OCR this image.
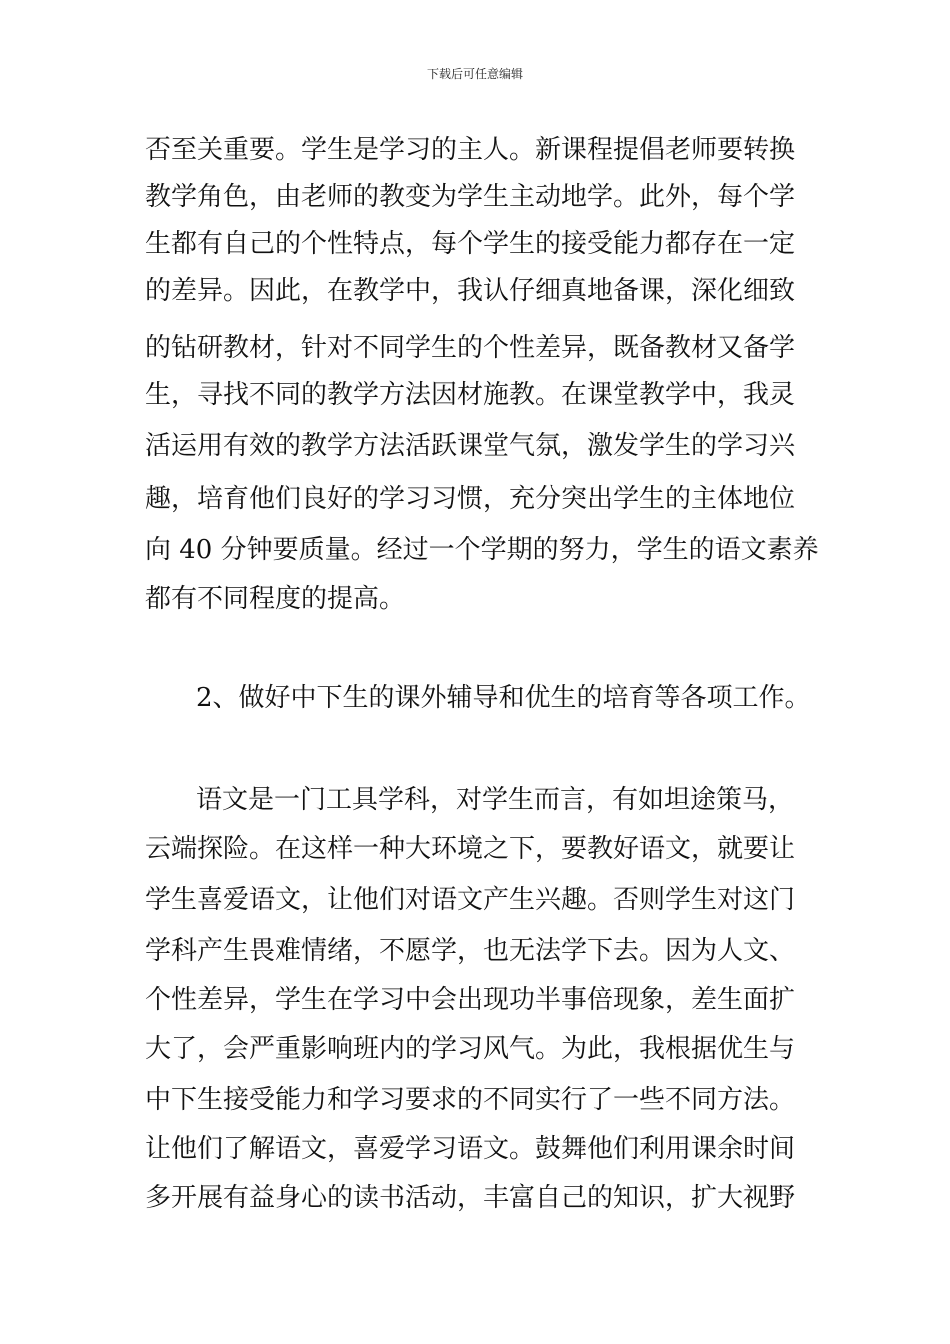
下载后可任意编辑
否至关重要。学生是学习的主人。新课程提倡老师要转换
教学角色，由老师的教变为学生主动地学。此外，每个学
生都有自己的个性特点，每个学生的接受能力都存在一定
的差异。因此，在教学中，我认仔细真地备课，深化细致
的钻研教材，针对不同学生的个性差异，既备教材又备学
生，寻找不同的教学方法因材施教。在课堂教学中，我灵
活运用有效的教学方法活跃课堂气氛，激发学生的学习兴
趣，培育他们良好的学习习惯，充分突出学生的主体地位
向 40 分钟要质量。经过一个学期的努力，学生的语文素养
都有不同程度的提高。
2、做好中下生的课外辅导和优生的培育等各项工作。
语文是一门工具学科，对学生而言，有如坦途策马，
云端探险。在这样一种大环境之下，要教好语文，就要让
学生喜爱语文，让他们对语文产生兴趣。否则学生对这门
学科产生畏难情绪，不愿学，也无法学下去。因为人文、
个性差异，学生在学习中会出现功半事倍现象，差生面扩
大了，会严重影响班内的学习风气。为此，我根据优生与
中下生接受能力和学习要求的不同实行了一些不同方法。
让他们了解语文，喜爱学习语文。鼓舞他们利用课余时间
多开展有益身心的读书活动，丰富自己的知识，扩大视野
